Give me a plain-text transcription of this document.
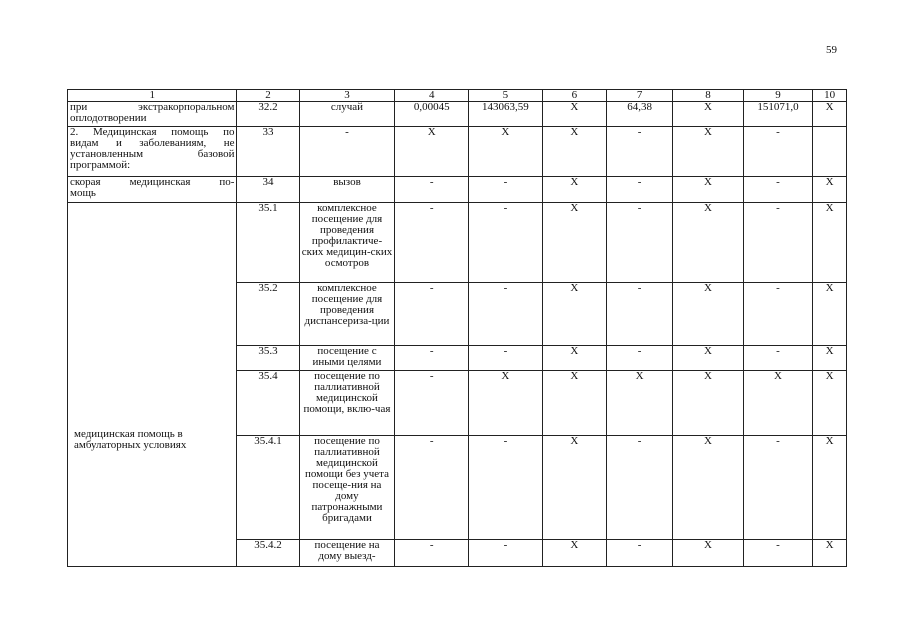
59
1	2	3	4	5	6	7	8	9	10

при экстракорпоральном
оплодотворении	32.2	случай	0,00045	143063,59	X	64,38	X	151071,0	X

2. Медицинская помощь по
видам и заболеваниям, не
установленным базовой
программой:	33	-	X	X	X	-	X	-	

скорая медицинская по-
мощь	34	вызов	-	-	X	-	X	-	X
медицинская помощь в амбулаторных условиях	35.1	комплексное посещение для проведения профилактиче-ских медицин-ских осмотров	-	-	X	-	X	-	X
	35.2	комплексное посещение для проведения диспансериза-ции	-	-	X	-	X	-	X
	35.3	посещение с иными целями	-	-	X	-	X	-	X
	35.4	посещение по паллиативной медицинской помощи, вклю-чая	-	X	X	X	X	X	X
	35.4.1	посещение по паллиативной медицинской помощи без учета посеще-ния на дому патронажными бригадами	-	-	X	-	X	-	X
	35.4.2	посещение на дому выезд-	-	-	X	-	X	-	X
